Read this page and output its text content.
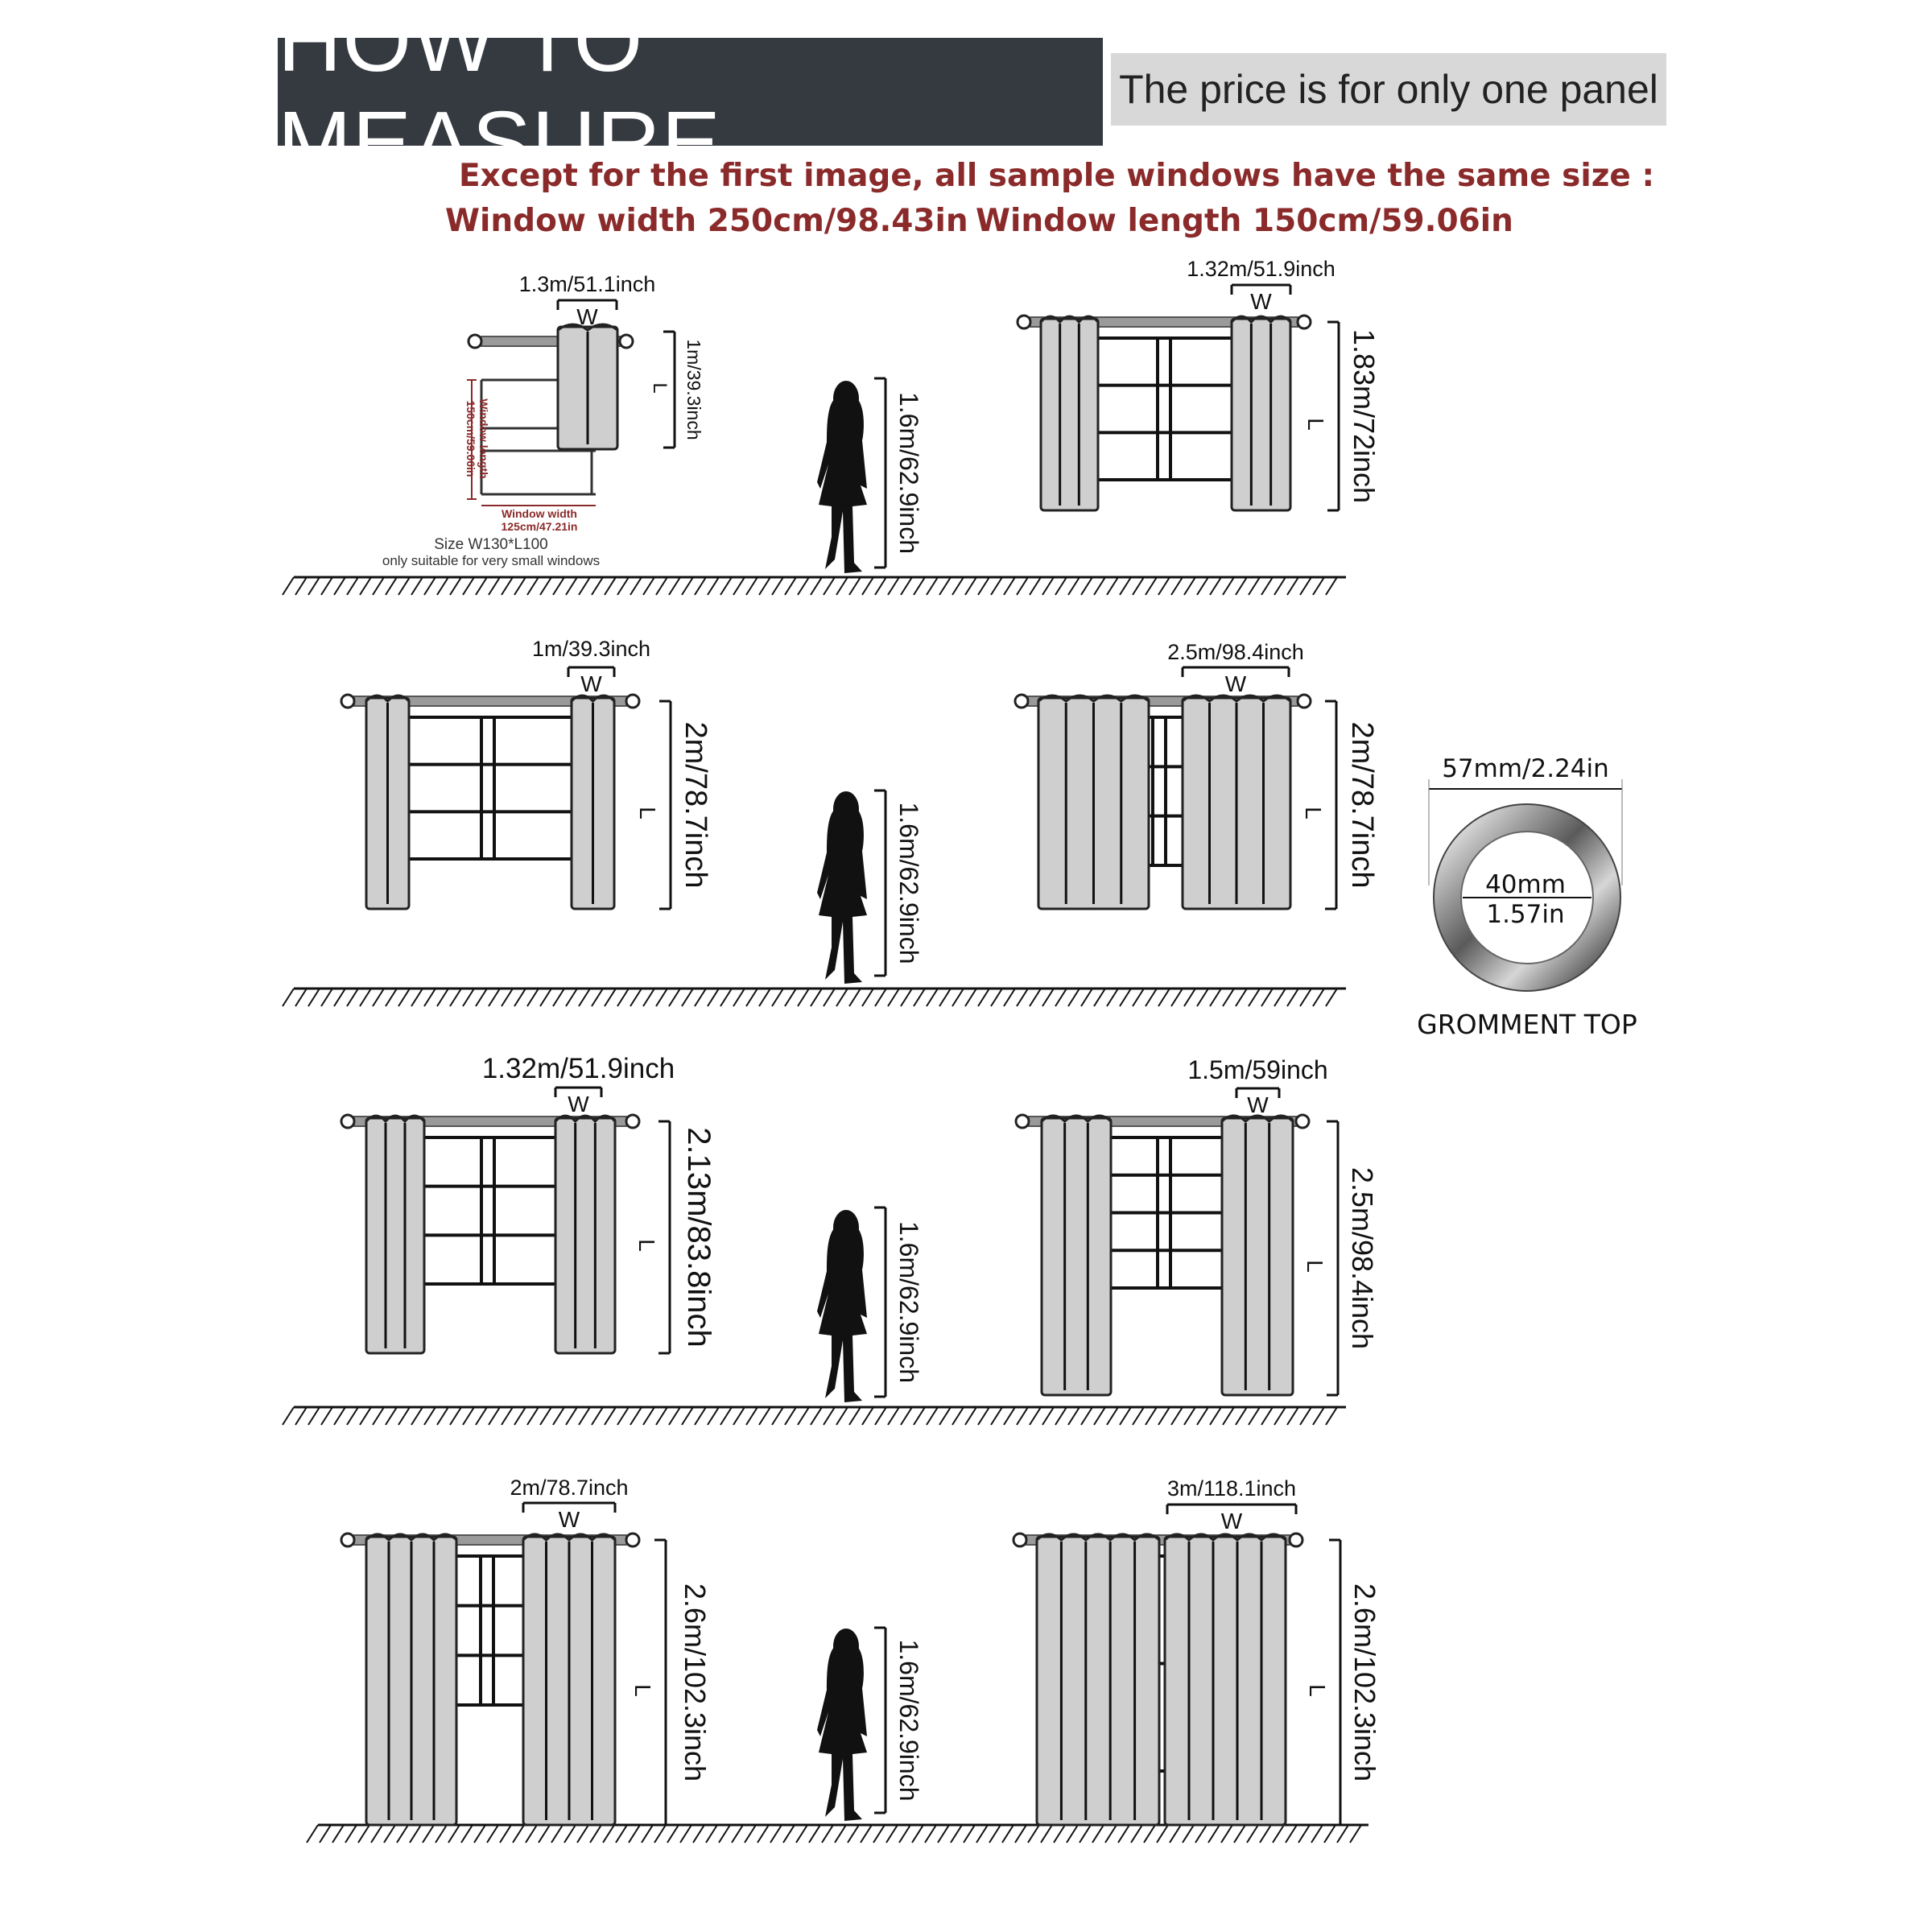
HOW TO MEASURE
The price is for only one panel
Except for the first image, all sample windows have the same size :
Window width 250cm/98.43in Window length 150cm/59.06in
1.6m/62.9inch
Window length
150cm/59.06in
Window width
125cm/47.21in
Size W130*L100
only suitable for very small windows
W
1.3m/51.1inch
1m/39.3inch
L
W
1.32m/51.9inch
1.83m/72inch
L
1.6m/62.9inch
W
1m/39.3inch
2m/78.7inch
L
W
2.5m/98.4inch
2m/78.7inch
L
57mm/2.24in
40mm
1.57in
GROMMENT TOP
1.6m/62.9inch
W
1.32m/51.9inch
2.13m/83.8inch
L
W
1.5m/59inch
2.5m/98.4inch
L
1.6m/62.9inch
W
2m/78.7inch
2.6m/102.3inch
L
W
3m/118.1inch
2.6m/102.3inch
L
